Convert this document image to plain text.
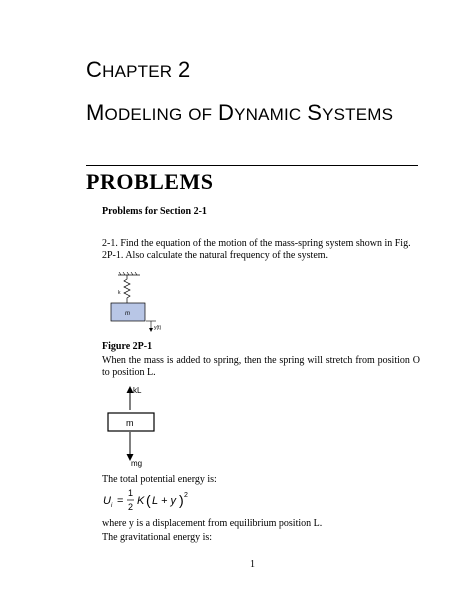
CHAPTER 2
MODELING OF DYNAMIC SYSTEMS
PROBLEMS
Problems for Section 2-1
2-1. Find the equation of the motion of the mass-spring system shown in Fig. 2P-1. Also calculate the natural frequency of the system.
k
m
y(t)
Figure 2P-1
When the mass is added to spring, then the spring will stretch from position O to position L.
kL
m
mg
The total potential energy is:
U i =
1
2 K ( L + y ) 2
where y is a displacement from equilibrium position L.
The gravitational energy is:
1
